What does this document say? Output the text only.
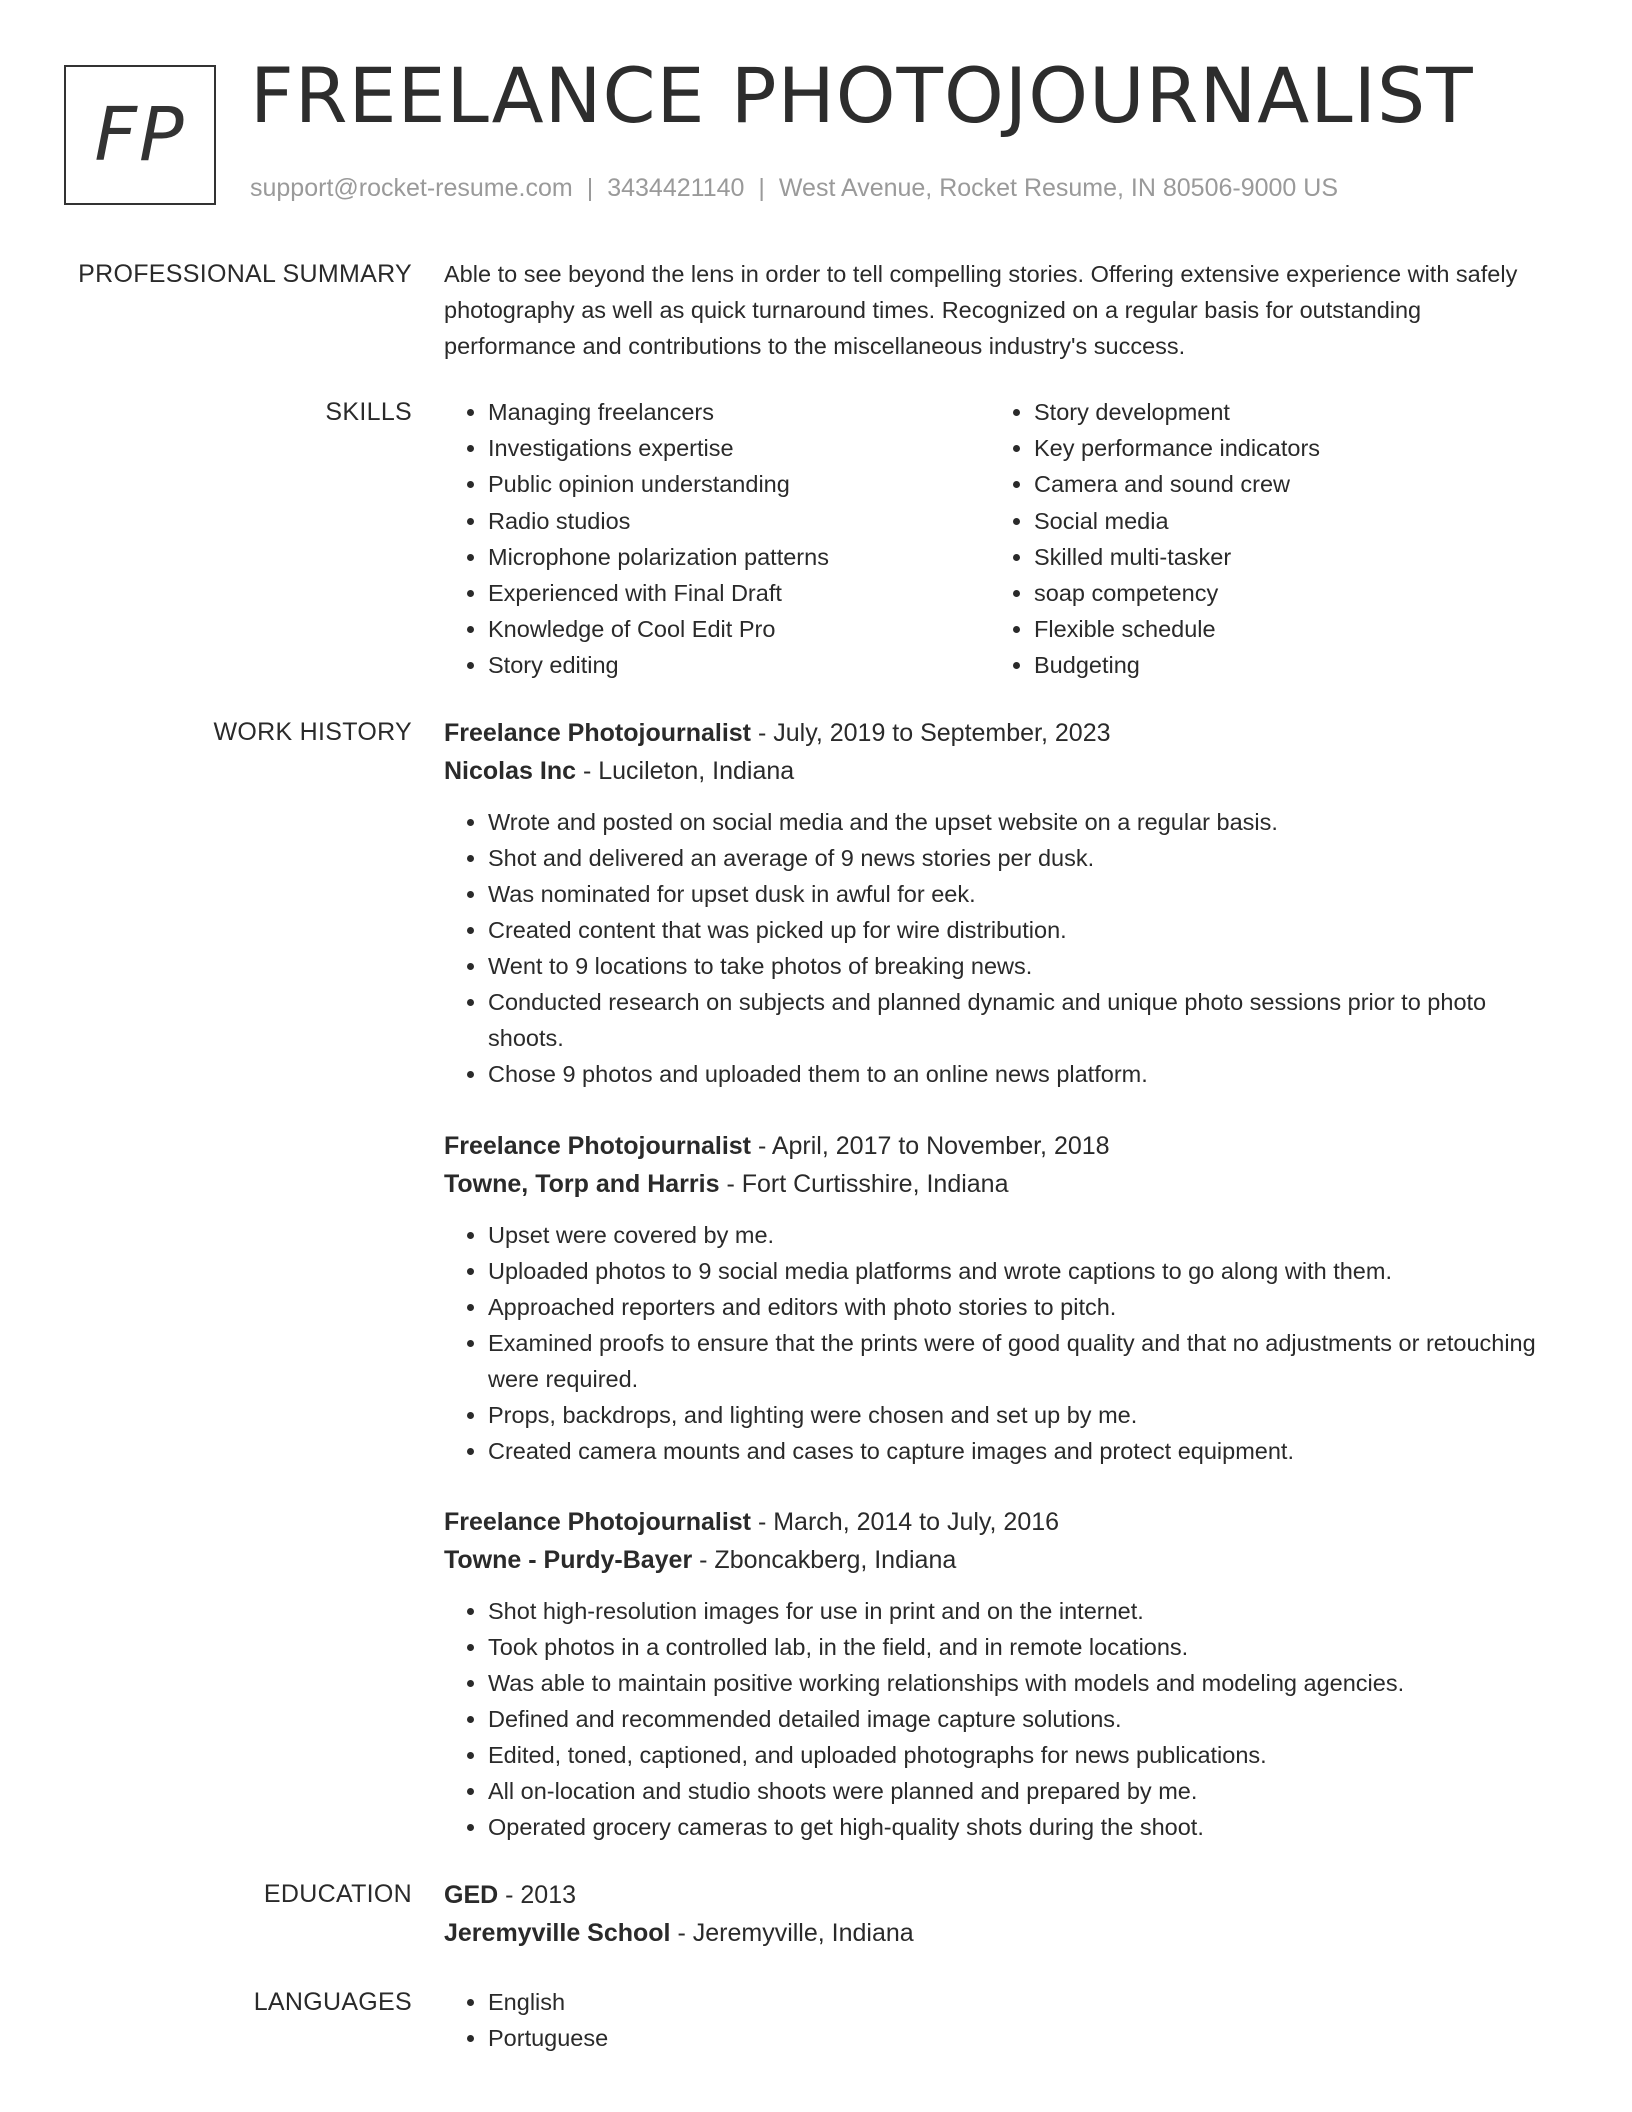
FP FREELANCE PHOTOJOURNALIST
support@rocket-resume.com | 3434421140 | West Avenue, Rocket Resume, IN 80506-9000 US
PROFESSIONAL SUMMARY Able to see beyond the lens in order to tell compelling stories. Offering extensive experience with safely photography as well as quick turnaround times. Recognized on a regular basis for outstanding performance and contributions to the miscellaneous industry's success.

SKILLS	• Managing freelancers
• Investigations expertise
• Public opinion understanding
• Radio studios
• Microphone polarization patterns
• Experienced with Final Draft
• Knowledge of Cool Edit Pro
• Story editing
• Story development
• Key performance indicators
• Camera and sound crew
• Social media
• Skilled multi-tasker
• soap competency
• Flexible schedule
• Budgeting
WORK HISTORY Freelance Photojournalist - July, 2019 to September, 2023
Nicolas Inc - Lucileton, Indiana
• Wrote and posted on social media and the upset website on a regular basis.
• Shot and delivered an average of 9 news stories per dusk.
• Was nominated for upset dusk in awful for eek.
• Created content that was picked up for wire distribution.
• Went to 9 locations to take photos of breaking news.
• Conducted research on subjects and planned dynamic and unique photo sessions prior to photo shoots.
• Chose 9 photos and uploaded them to an online news platform.
Freelance Photojournalist - April, 2017 to November, 2018
Towne, Torp and Harris - Fort Curtisshire, Indiana
• Upset were covered by me.
• Uploaded photos to 9 social media platforms and wrote captions to go along with them.
• Approached reporters and editors with photo stories to pitch.
• Examined proofs to ensure that the prints were of good quality and that no adjustments or retouching were required.
• Props, backdrops, and lighting were chosen and set up by me.
• Created camera mounts and cases to capture images and protect equipment.
Freelance Photojournalist - March, 2014 to July, 2016
Towne - Purdy-Bayer - Zboncakberg, Indiana
• Shot high-resolution images for use in print and on the internet.
• Took photos in a controlled lab, in the field, and in remote locations.
• Was able to maintain positive working relationships with models and modeling agencies.
• Defined and recommended detailed image capture solutions.
• Edited, toned, captioned, and uploaded photographs for news publications.
• All on-location and studio shoots were planned and prepared by me.
• Operated grocery cameras to get high-quality shots during the shoot.
EDUCATION GED - 2013
Jeremyville School - Jeremyville, Indiana
LANGUAGES	• English
• Portuguese
